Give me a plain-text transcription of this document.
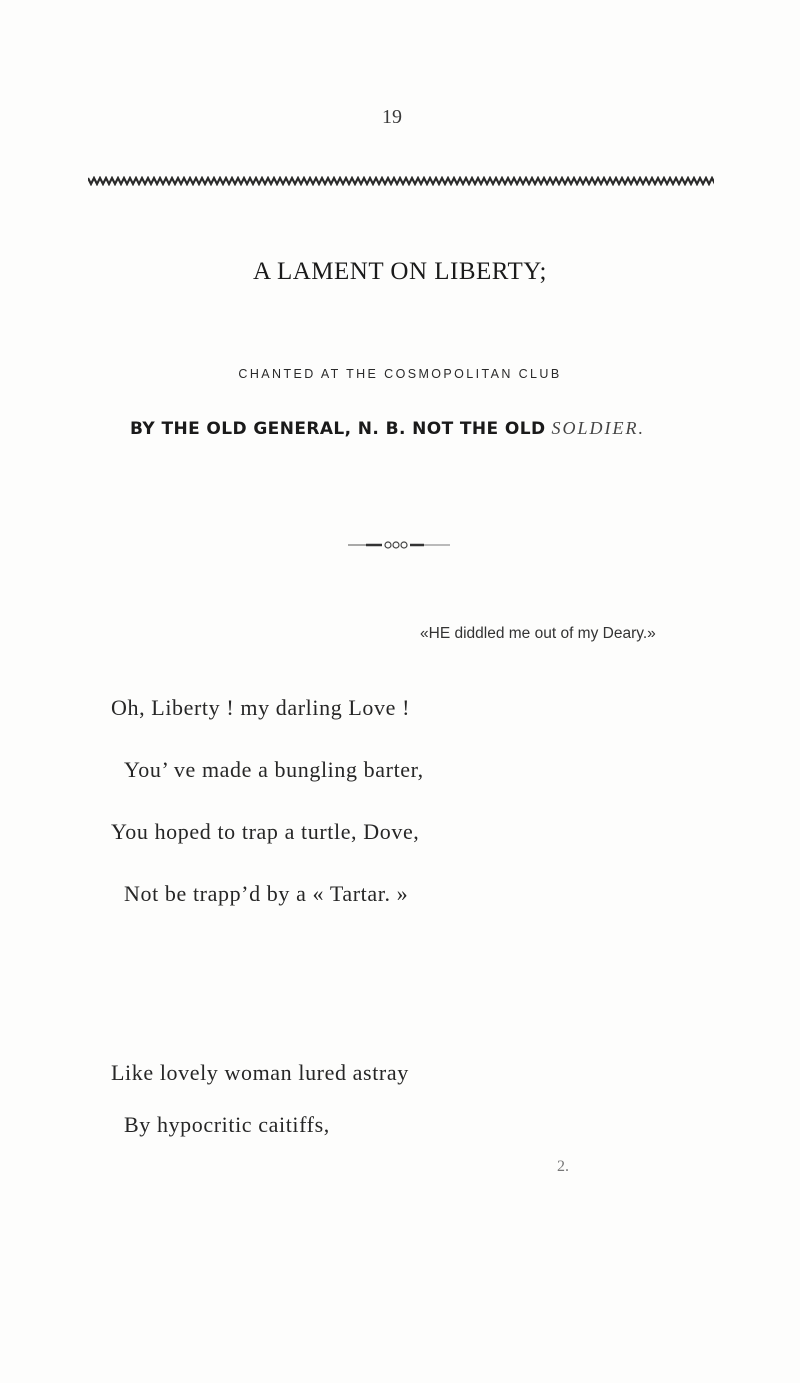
19
A LAMENT ON LIBERTY;
CHANTED AT THE COSMOPOLITAN CLUB
BY THE OLD GENERAL, N. B. NOT THE OLD SOLDIER.
«HE diddled me out of my Deary.»
Oh, Liberty ! my darling Love !
You’ ve made a bungling barter,
You hoped to trap a turtle, Dove,
Not be trapp’d by a « Tartar. »
Like lovely woman lured astray
By hypocritic caitiffs,
2.
